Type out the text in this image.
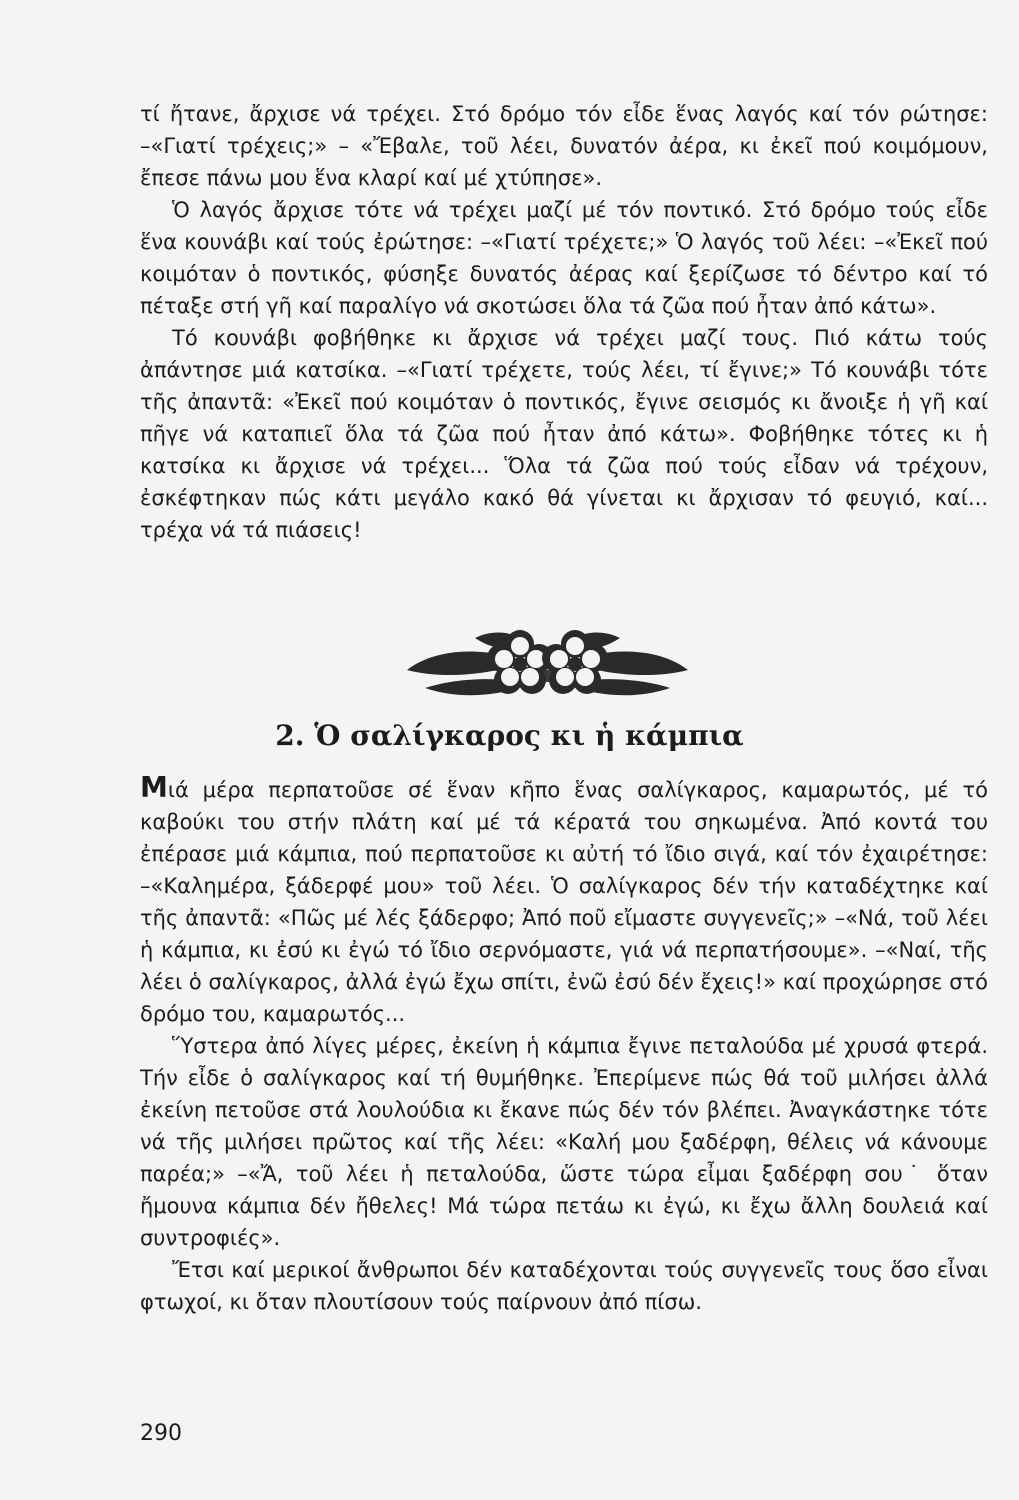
τί ἤτανε, ἄρχισε νά τρέχει. Στό δρόμο τόν εἶδε ἕνας λαγός καί τόν ρώτησε: –«Γιατί τρέχεις;» – «Ἔβαλε, τοῦ λέει, δυνατόν ἀέρα, κι ἐκεῖ πού κοιμόμουν, ἔπεσε πάνω μου ἕνα κλαρί καί μέ χτύπησε».

Ὁ λαγός ἄρχισε τότε νά τρέχει μαζί μέ τόν ποντικό. Στό δρόμο τούς εἶδε ἕνα κουνάβι καί τούς ἐρώτησε: –«Γιατί τρέχετε;» Ὁ λαγός τοῦ λέει: –«Ἐκεῖ πού κοιμόταν ὁ ποντικός, φύσηξε δυνατός ἀέρας καί ξερίζωσε τό δέντρο καί τό πέταξε στή γῆ καί παραλίγο νά σκοτώσει ὅλα τά ζῶα πού ἦταν ἀπό κάτω».

Τό κουνάβι φοβήθηκε κι ἄρχισε νά τρέχει μαζί τους. Πιό κάτω τούς ἀπάντησε μιά κατσίκα. –«Γιατί τρέχετε, τούς λέει, τί ἔγινε;» Τό κουνάβι τότε τῆς ἀπαντᾶ: «Ἐκεῖ πού κοιμόταν ὁ ποντικός, ἔγινε σεισμός κι ἄνοιξε ἡ γῆ καί πῆγε νά καταπιεῖ ὅλα τά ζῶα πού ἦταν ἀπό κάτω». Φοβήθηκε τότες κι ἡ κατσίκα κι ἄρχισε νά τρέχει... Ὅλα τά ζῶα πού τούς εἶδαν νά τρέχουν, ἐσκέφτηκαν πώς κάτι μεγάλο κακό θά γίνεται κι ἄρχισαν τό φευγιό, καί... τρέχα νά τά πιάσεις!

2. Ὁ σαλίγκαρος κι ἡ κάμπια

Μιά μέρα περπατοῦσε σέ ἕναν κῆπο ἕνας σαλίγκαρος, καμαρωτός, μέ τό καβούκι του στήν πλάτη καί μέ τά κέρατά του σηκωμένα. Ἀπό κοντά του ἐπέρασε μιά κάμπια, πού περπατοῦσε κι αὐτή τό ἴδιο σιγά, καί τόν ἐχαιρέτησε: –«Καλημέρα, ξάδερφέ μου» τοῦ λέει. Ὁ σαλίγκαρος δέν τήν καταδέχτηκε καί τῆς ἀπαντᾶ: «Πῶς μέ λές ξάδερφο; Ἀπό ποῦ εἴμαστε συγγενεῖς;» –«Νά, τοῦ λέει ἡ κάμπια, κι ἐσύ κι ἐγώ τό ἴδιο σερνόμαστε, γιά νά περπατήσουμε». –«Ναί, τῆς λέει ὁ σαλίγκαρος, ἀλλά ἐγώ ἔχω σπίτι, ἐνῶ ἐσύ δέν ἔχεις!» καί προχώρησε στό δρόμο του, καμαρωτός...

Ὕστερα ἀπό λίγες μέρες, ἐκείνη ἡ κάμπια ἔγινε πεταλούδα μέ χρυσά φτερά. Τήν εἶδε ὁ σαλίγκαρος καί τή θυμήθηκε. Ἐπερίμενε πώς θά τοῦ μιλήσει ἀλλά ἐκείνη πετοῦσε στά λουλούδια κι ἔκανε πώς δέν τόν βλέπει. Ἀναγκάστηκε τότε νά τῆς μιλήσει πρῶτος καί τῆς λέει: «Καλή μου ξαδέρφη, θέλεις νά κάνουμε παρέα;» –«Ἄ, τοῦ λέει ἡ πεταλούδα, ὥστε τώρα εἶμαι ξαδέρφη σου˙ ὅταν ἤμουνα κάμπια δέν ἤθελες! Μά τώρα πετάω κι ἐγώ, κι ἔχω ἄλλη δουλειά καί συντροφιές».

Ἔτσι καί μερικοί ἄνθρωποι δέν καταδέχονται τούς συγγενεῖς τους ὅσο εἶναι φτωχοί, κι ὅταν πλουτίσουν τούς παίρνουν ἀπό πίσω.

290
